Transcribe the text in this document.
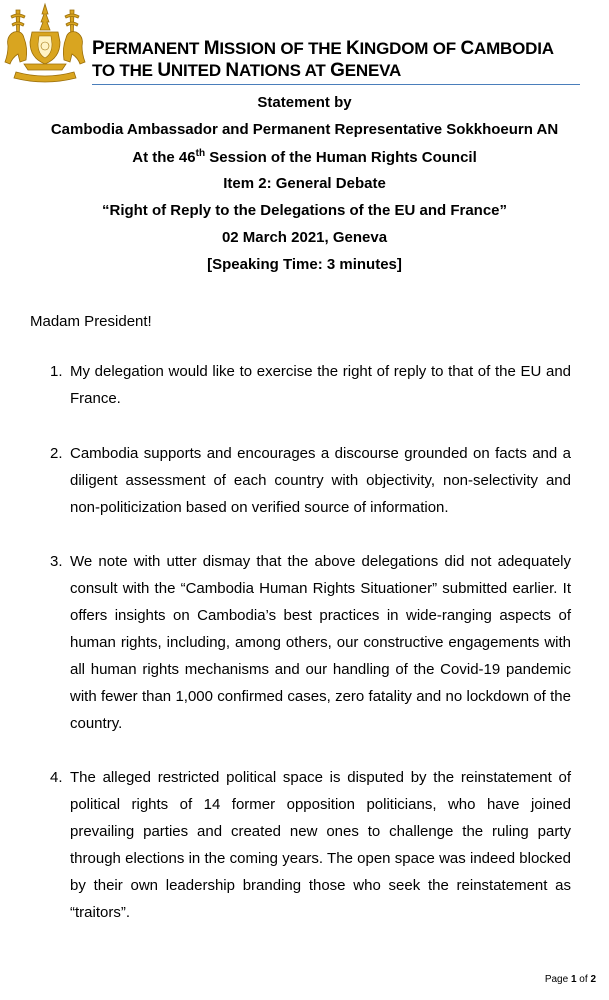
PERMANENT MISSION OF THE KINGDOM OF CAMBODIA
TO THE UNITED NATIONS AT GENEVA
Statement by
Cambodia Ambassador and Permanent Representative Sokkhoeurn AN
At the 46th Session of the Human Rights Council
Item 2: General Debate
“Right of Reply to the Delegations of the EU and France”
02 March 2021, Geneva
[Speaking Time: 3 minutes]
Madam President!
1. My delegation would like to exercise the right of reply to that of the EU and France.
2. Cambodia supports and encourages a discourse grounded on facts and a diligent assessment of each country with objectivity, non-selectivity and non-politicization based on verified source of information.
3. We note with utter dismay that the above delegations did not adequately consult with the “Cambodia Human Rights Situationer” submitted earlier. It offers insights on Cambodia’s best practices in wide-ranging aspects of human rights, including, among others, our constructive engagements with all human rights mechanisms and our handling of the Covid-19 pandemic with fewer than 1,000 confirmed cases, zero fatality and no lockdown of the country.
4. The alleged restricted political space is disputed by the reinstatement of political rights of 14 former opposition politicians, who have joined prevailing parties and created new ones to challenge the ruling party through elections in the coming years. The open space was indeed blocked by their own leadership branding those who seek the reinstatement as “traitors”.
Page 1 of 2
